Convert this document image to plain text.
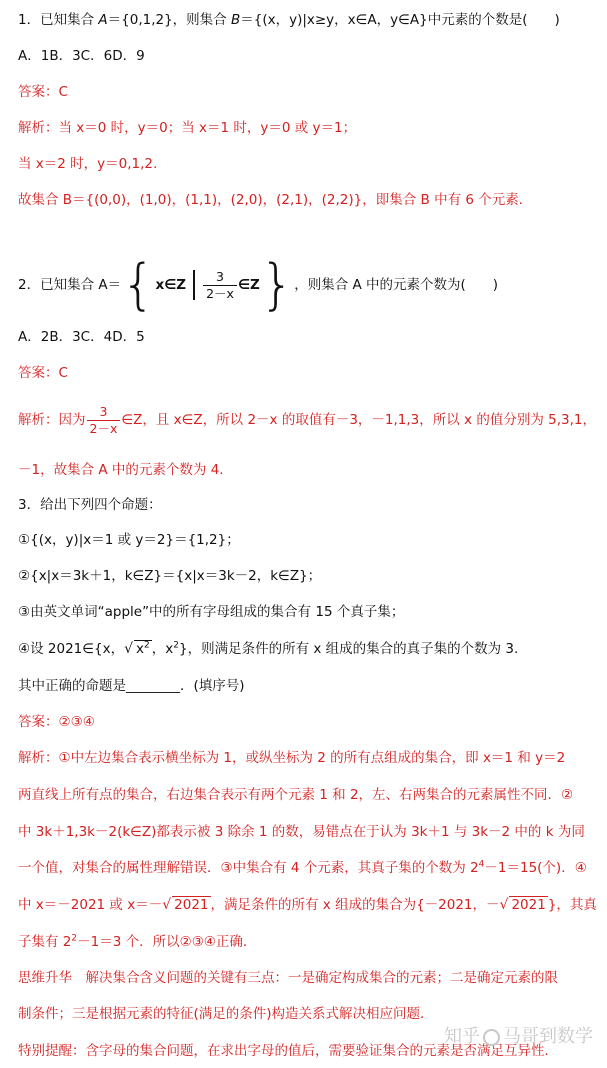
1．已知集合 A＝{0,1,2}，则集合 B＝{(x，y)|x≥y，x∈A，y∈A}中元素的个数是(　　)
A．1B．3C．6D．9
答案：C
解析：当 x＝0 时，y＝0；当 x＝1 时，y＝0 或 y＝1；
当 x＝2 时，y＝0,1,2.
故集合 B＝{(0,0)，(1,0)，(1,1)，(2,0)，(2,1)，(2,2)}，即集合 B 中有 6 个元素．
2．已知集合 A＝{x∈Z $\frac{3}{2-x}$ ∈Z}，则集合 A 中的元素个数为(　　)
A．2B．3C．4D．5
答案：C
解析：因为 $\frac{3}{2-x}$ ∈Z，且 x∈Z，所以 2－x 的取值有－3，－1,1,3，所以 x 的值分别为 5,3,1，
－1，故集合 A 中的元素个数为 4.
3．给出下列四个命题：
①{(x，y)|x＝1 或 y＝2}＝{1,2}；
②{x|x＝3k＋1，k∈Z}＝{x|x＝3k－2，k∈Z}；
③由英文单词“apple”中的所有字母组成的集合有 15 个真子集；
④设 2021∈{x，√ $x^2$ ，$x^2$}，则满足条件的所有 x 组成的集合的真子集的个数为 3.
其中正确的命题是________．(填序号)
答案：②③④
解析：①中左边集合表示横坐标为 1，或纵坐标为 2 的所有点组成的集合，即 x＝1 和 y＝2
两直线上所有点的集合，右边集合表示有两个元素 1 和 2，左、右两集合的元素属性不同．②
中 3k＋1,3k－2(k∈Z)都表示被 3 除余 1 的数，易错点在于认为 3k＋1 与 3k－2 中的 k 为同
一个值，对集合的属性理解错误．③中集合有 4 个元素，其真子集的个数为 $2^4-1=15$(个)．④
中 x＝－2021 或 x＝－√ 2021 ，满足条件的所有 x 组成的集合为{－2021，－√ 2021 }，其真
子集有 $2^2-1=3$ 个．所以②③④正确．
思维升华　解决集合含义问题的关键有三点：一是确定构成集合的元素；二是确定元素的限
制条件；三是根据元素的特征(满足的条件)构造关系式解决相应问题．
特别提醒：含字母的集合问题，在求出字母的值后，需要验证集合的元素是否满足互异性．
知乎 马哥到数学
